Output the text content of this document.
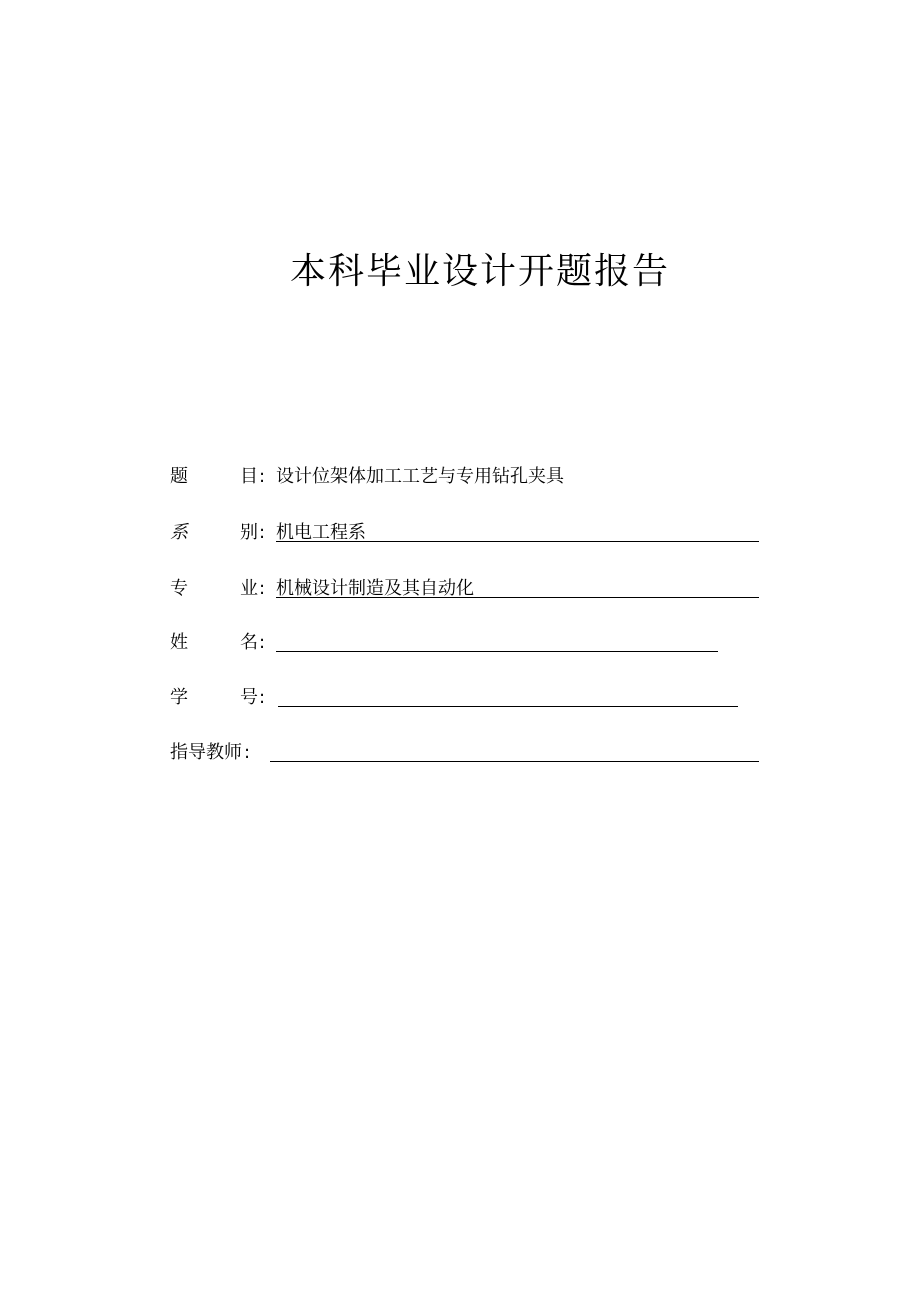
本科毕业设计开题报告
题	目 : 设计位架体加工工艺与专用钻孔夹具
系	别 : 机电工程系
专	业 : 机械设计制造及其自动化
姓	名 :
学	号 :
指导教师 :
